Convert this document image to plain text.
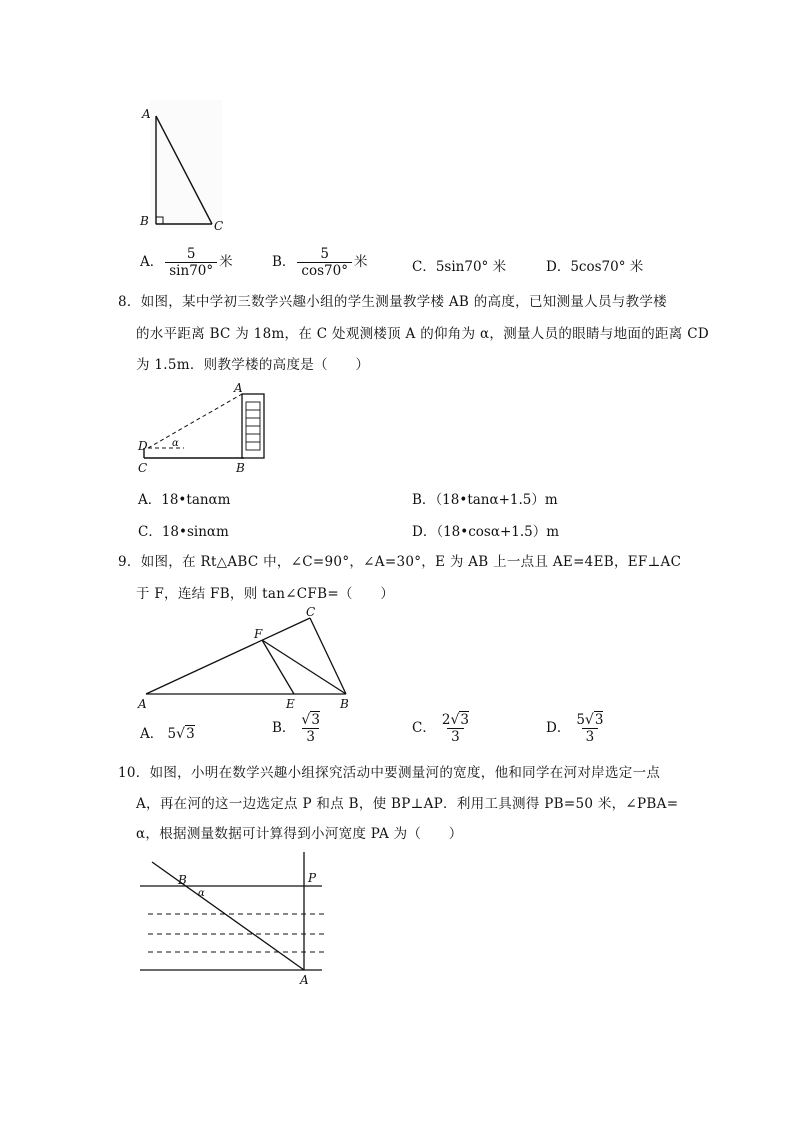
A
B	C
A． $\frac{5}{\sin 70^\circ}$ 米	B． $\frac{5}{\cos 70^\circ}$ 米	C．5sin70° 米	D．5cos70° 米
8．如图，某中学初三数学兴趣小组的学生测量教学楼 AB 的高度，已知测量人员与教学楼
的水平距离 BC 为 18m，在 C 处观测楼顶 A 的仰角为 α，测量人员的眼睛与地面的距离 CD
为 1.5m．则教学楼的高度是（　　）
A
D α
C	B
A．18•tanαm	B．（18•tanα+1.5）m
C．18•sinαm	D．（18•cosα+1.5）m
9．如图，在 Rt△ABC 中，∠C=90°，∠A=30°，E 为 AB 上一点且 AE=4EB，EF⊥AC
于 F，连结 FB，则 tan∠CFB=（　　）
C
F
A	E	B
A． 5√3	B． $\frac{√3}{3}$	C． $\frac{2√3}{3}$	D． $\frac{5√3}{3}$
10．如图，小明在数学兴趣小组探究活动中要测量河的宽度，他和同学在河对岸选定一点
A，再在河的这一边选定点 P 和点 B，使 BP⊥AP．利用工具测得 PB=50 米，∠PBA=
α，根据测量数据可计算得到小河宽度 PA 为（　　）
B
α
P
A
